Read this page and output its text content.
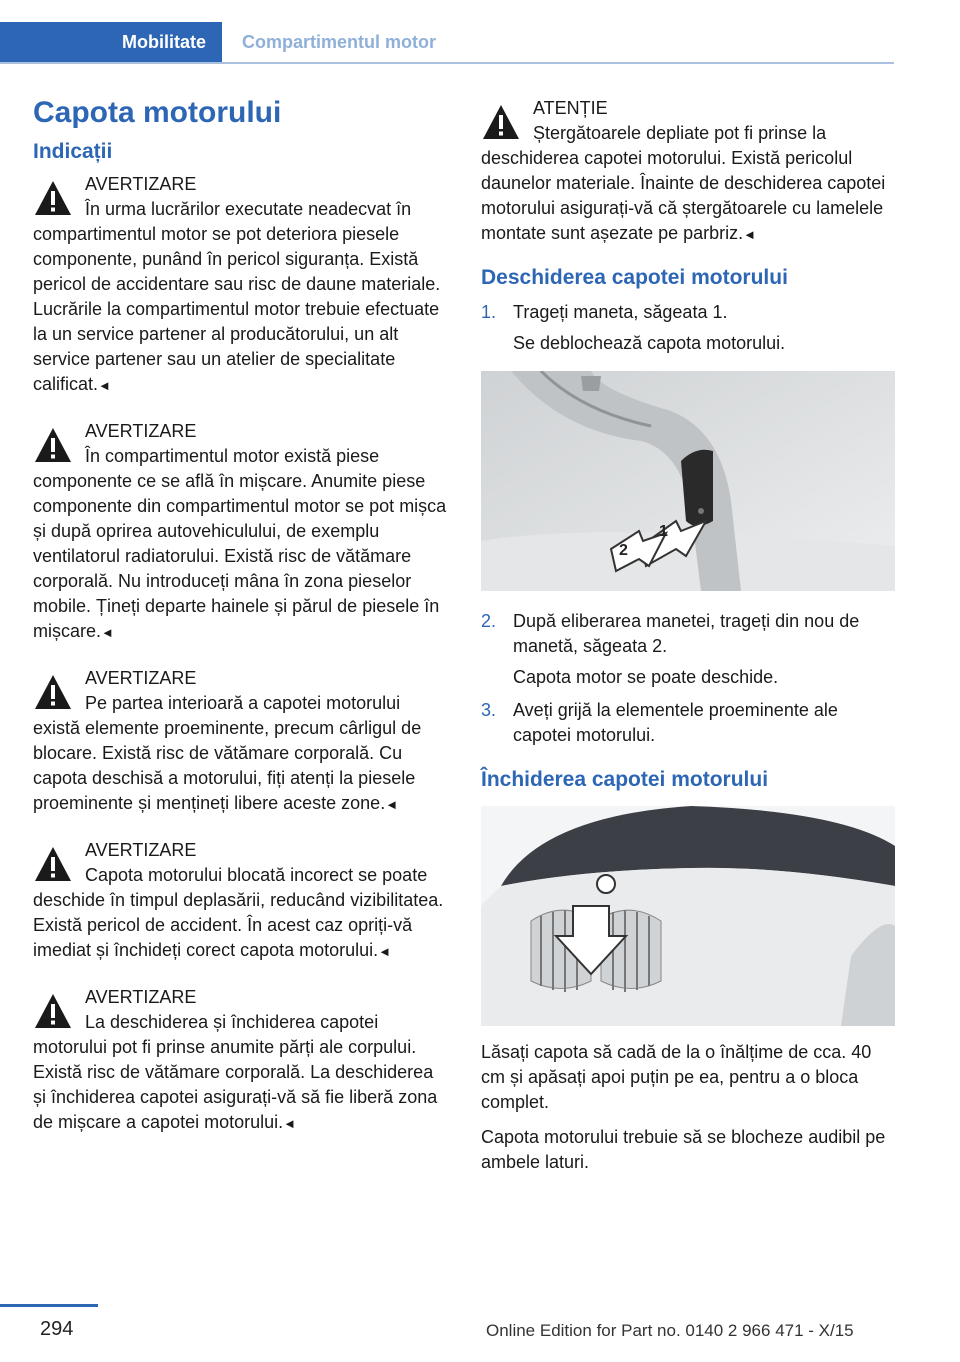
Mobilitate	Compartimentul motor
Capota motorului
Indicații

AVERTIZARE
În urma lucrărilor executate neadecvat în compartimentul motor se pot deteriora piesele componente, punând în pericol siguranța. Există pericol de accidentare sau risc de daune materiale. Lucrările la compartimentul motor trebuie efectuate la un service partener al producătorului, un alt service partener sau un atelier de specialitate calificat.◄

AVERTIZARE
În compartimentul motor există piese componente ce se află în mișcare. Anumite piese componente din compartimentul motor se pot mișca și după oprirea autovehiculului, de exemplu ventilatorul radiatorului. Există risc de vătămare corporală. Nu introduceți mâna în zona pieselor mobile. Țineți departe hainele și părul de piesele în mișcare.◄

AVERTIZARE
Pe partea interioară a capotei motorului există elemente proeminente, precum cârligul de blocare. Există risc de vătămare corporală. Cu capota deschisă a motorului, fiți atenți la piesele proeminente și mențineți libere aceste zone.◄

AVERTIZARE
Capota motorului blocată incorect se poate deschide în timpul deplasării, reducând vizibilitatea. Există pericol de accident. În acest caz opriți-vă imediat și închideți corect capota motorului.◄

AVERTIZARE
La deschiderea și închiderea capotei motorului pot fi prinse anumite părți ale corpului. Există risc de vătămare corporală. La deschiderea și închiderea capotei asigurați-vă să fie liberă zona de mișcare a capotei motorului.◄

ATENȚIE
Ștergătoarele depliate pot fi prinse la deschiderea capotei motorului. Există pericolul daunelor materiale. Înainte de deschiderea capotei motorului asigurați-vă că ștergătoarele cu lamelele montate sunt așezate pe parbriz.◄

Deschiderea capotei motorului
1. Trageți maneta, săgeata 1.
Se deblochează capota motorului.
1
2
2. După eliberarea manetei, trageți din nou de manetă, săgeata 2.
Capota motor se poate deschide.
3. Aveți grijă la elementele proeminente ale capotei motorului.
Închiderea capotei motorului

Lăsați capota să cadă de la o înălțime de cca. 40 cm și apăsați apoi puțin pe ea, pentru a o bloca complet.

Capota motorului trebuie să se blocheze audibil pe ambele laturi.

294	Online Edition for Part no. 0140 2 966 471 - X/15
